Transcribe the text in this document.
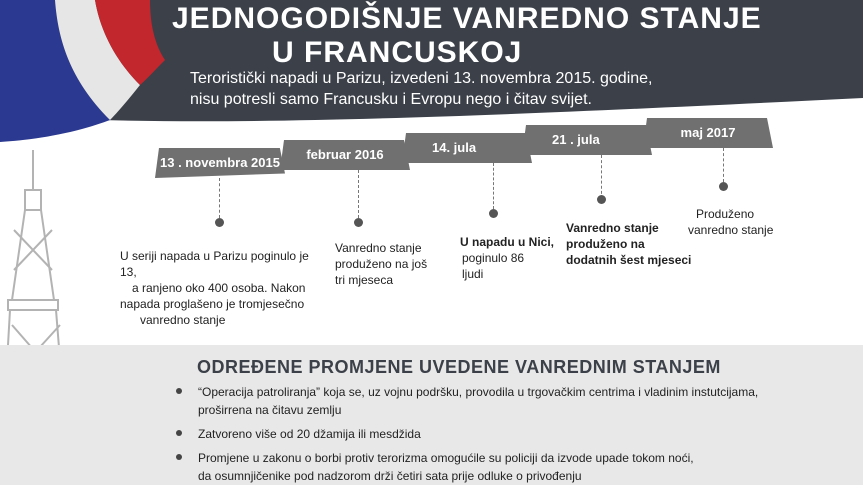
JEDNOGODIŠNJE VANREDNO STANJE
U FRANCUSKOJ
Teroristički napadi u Parizu, izvedeni 13. novembra 2015. godine,
nisu potresli samo Francusku i Evropu nego i čitav svijet.
13 . novembra 2015
U seriji napada u Parizu poginulo je 13,
a ranjeno oko 400 osoba. Nakon
napada proglašeno je tromjesečno
vanredno stanje
februar 2016
Vanredno stanje
produženo na još
tri mjeseca
14. jula
U napadu u Nici,
poginulo 86
ljudi
21 . jula
Vanredno stanje
produženo na
dodatnih šest mjeseci
maj 2017
Produženo
vanredno stanje
ODREĐENE PROMJENE UVEDENE VANREDNIM STANJEM

“Operacija patroliranja” koja se, uz vojnu podršku, provodila u trgovačkim centrima i vladinim instutcijama,

proširrena na čitavu zemlju

Zatvoreno više od 20 džamija ili mesdžida

Promjene u zakonu o borbi protiv terorizma omogućile su policiji da izvode upade tokom noći,

da osumnjičenike pod nadzorom drži četiri sata prije odluke o privođenju
